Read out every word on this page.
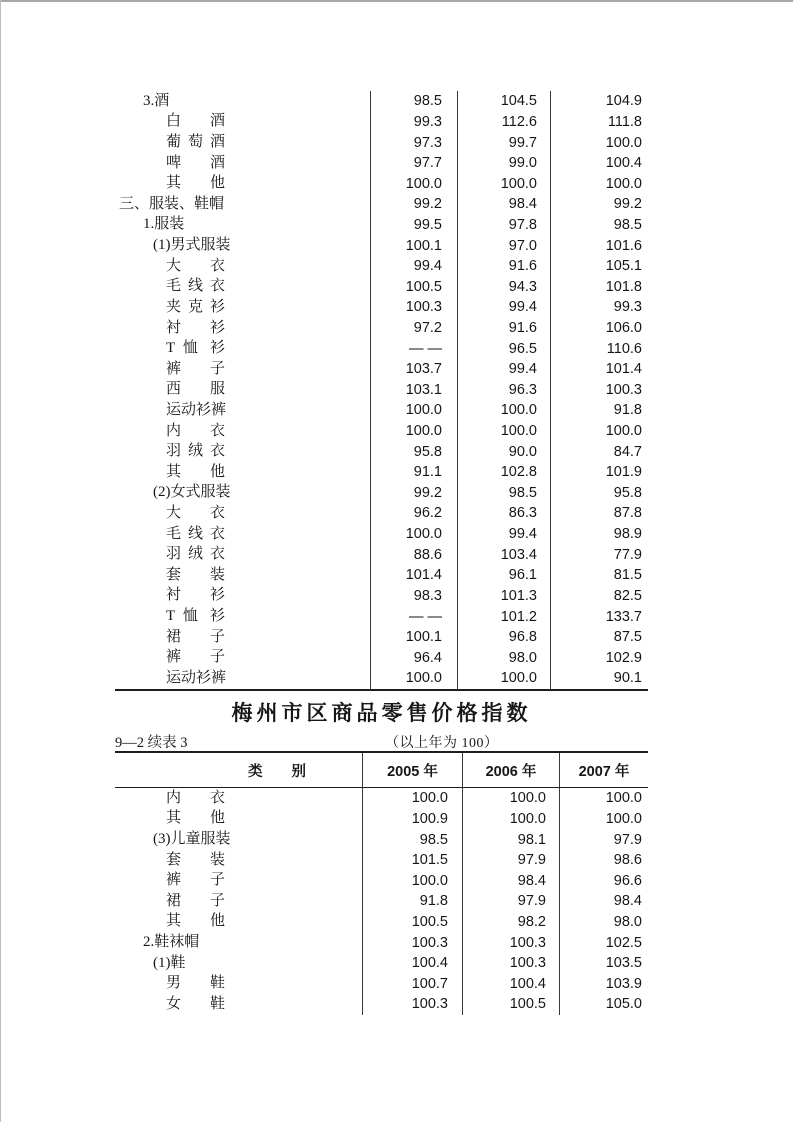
3.酒	98.5	104.5	104.9
白 酒	99.3	112.6	111.8
葡 萄 酒	97.3	99.7	100.0
啤 酒	97.7	99.0	100.4
其 他	100.0	100.0	100.0
三、服装、鞋帽	99.2	98.4	99.2
1.服装	99.5	97.8	98.5
(1)男式服装	100.1	97.0	101.6
大 衣	99.4	91.6	105.1
毛 线 衣	100.5	94.3	101.8
夹 克 衫	100.3	99.4	99.3
衬 衫	97.2	91.6	106.0
T 恤 衫	— —	96.5	110.6
裤 子	103.7	99.4	101.4
西 服	103.1	96.3	100.3
运动衫裤	100.0	100.0	91.8
内 衣	100.0	100.0	100.0
羽 绒 衣	95.8	90.0	84.7
其 他	91.1	102.8	101.9
(2)女式服装	99.2	98.5	95.8
大 衣	96.2	86.3	87.8
毛 线 衣	100.0	99.4	98.9
羽 绒 衣	88.6	103.4	77.9
套 装	101.4	96.1	81.5
衬 衫	98.3	101.3	82.5
T 恤 衫	— —	101.2	133.7
裙 子	100.1	96.8	87.5
裤 子	96.4	98.0	102.9
运动衫裤	100.0	100.0	90.1
梅州市区商品零售价格指数
9—2 续表 3	（以上年为 100）
类　　别	2005 年	2006 年	2007 年
内 衣	100.0	100.0	100.0
其 他	100.9	100.0	100.0
(3)儿童服装	98.5	98.1	97.9
套 装	101.5	97.9	98.6
裤 子	100.0	98.4	96.6
裙 子	91.8	97.9	98.4
其 他	100.5	98.2	98.0
2.鞋袜帽	100.3	100.3	102.5
(1)鞋	100.4	100.3	103.5
男 鞋	100.7	100.4	103.9
女 鞋	100.3	100.5	105.0
